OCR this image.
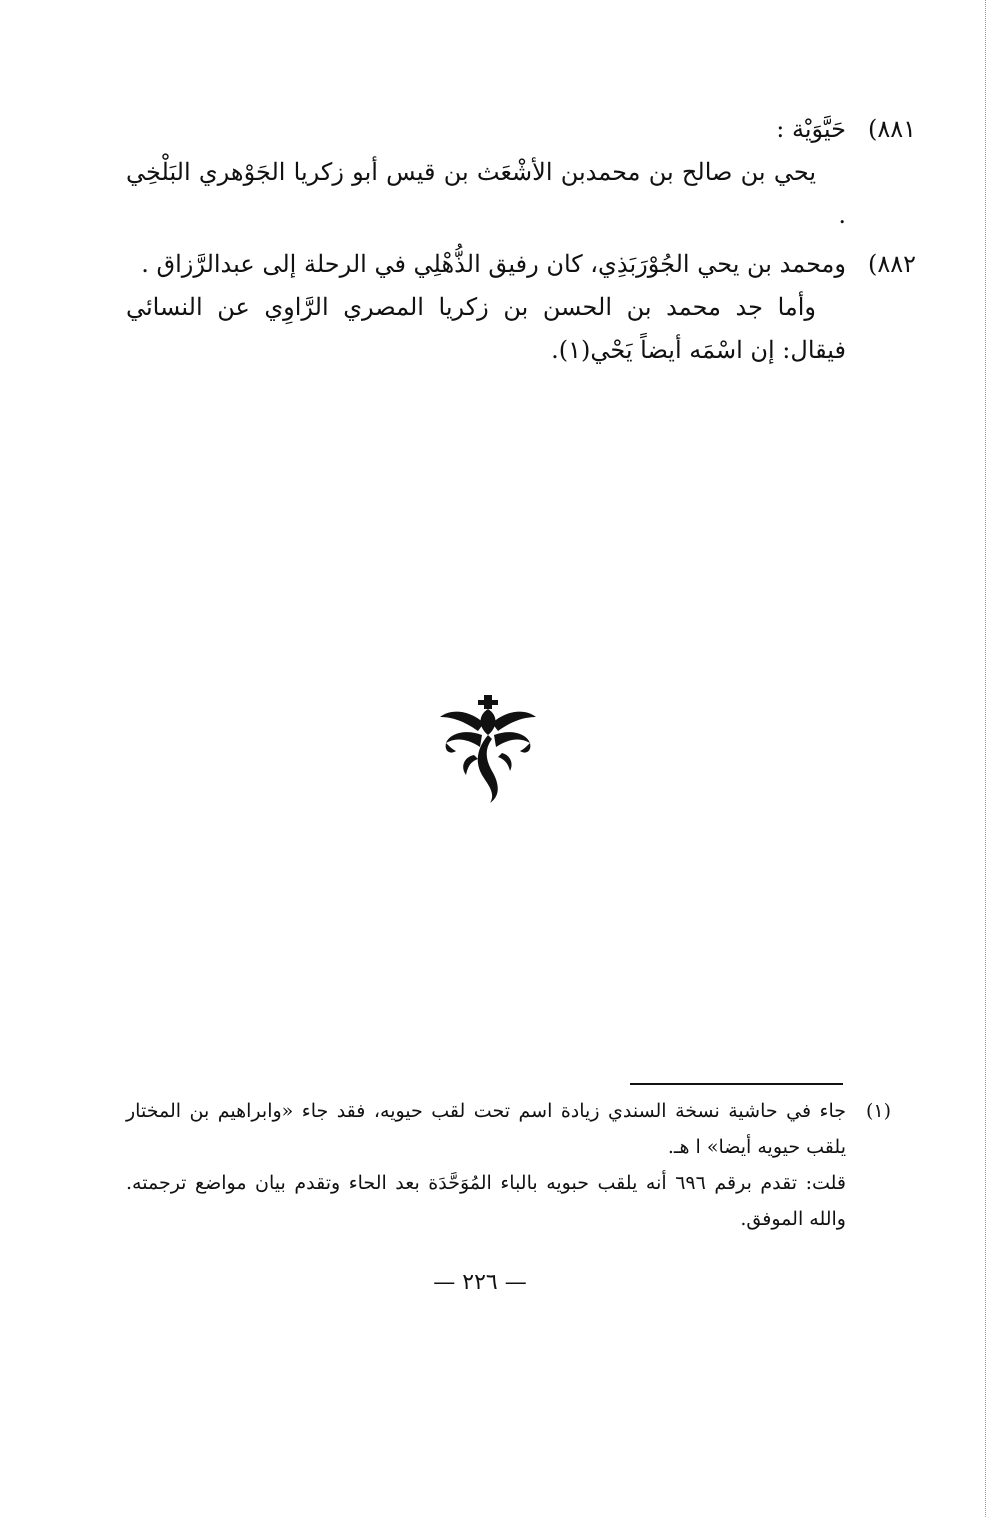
٨٨١)

حَيَّوَيْة :

يحي بن صالح بن محمدبن الأشْعَث بن قيس أبو زكريا الجَوْهري البَلْخِي .

٨٨٢)

ومحمد بن يحي الجُوْرَبَذِي، كان رفيق الذُّهْلِي في الرحلة إلى عبدالرَّزاق .

وأما جد محمد بن الحسن بن زكريا المصري الرَّاوِي عن النسائي فيقال: إن اسْمَه أيضاً يَحْي(١).

(١)

جاء في حاشية نسخة السندي زيادة اسم تحت لقب حيويه، فقد جاء «وابراهيم بن المختار يلقب حيويه أيضا» ا هـ.

قلت: تقدم برقم ٦٩٦ أنه يلقب حبويه بالباء المُوَحَّدَة بعد الحاء وتقدم بيان مواضع ترجمته. والله الموفق.

— ٢٢٦ —
